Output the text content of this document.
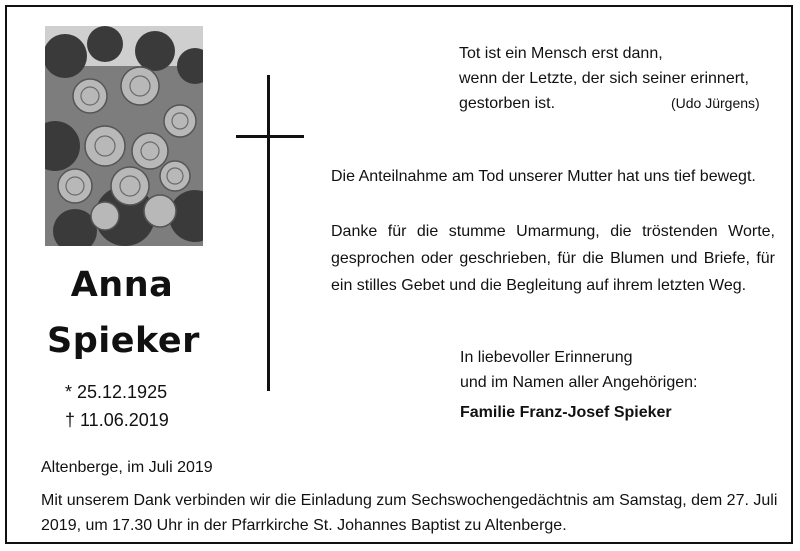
Anna
Spieker
* 25.12.1925
† 11.06.2019
Tot ist ein Mensch erst dann,
wenn der Letzte, der sich seiner erinnert,
gestorben ist.	(Udo Jürgens)
Die Anteilnahme am Tod unserer Mutter hat uns tief bewegt.
Danke für die stumme Umarmung, die tröstenden Worte, gesprochen oder geschrieben, für die Blumen und Briefe, für ein stilles Gebet und die Begleitung auf ihrem letzten Weg.
In liebevoller Erinnerung
und im Namen aller Angehörigen:
Familie Franz-Josef Spieker
Altenberge, im Juli 2019
Mit unserem Dank verbinden wir die Einladung zum Sechswochengedächtnis am Samstag, dem 27. Juli 2019, um 17.30 Uhr in der Pfarrkirche St. Johannes Baptist zu Altenberge.
